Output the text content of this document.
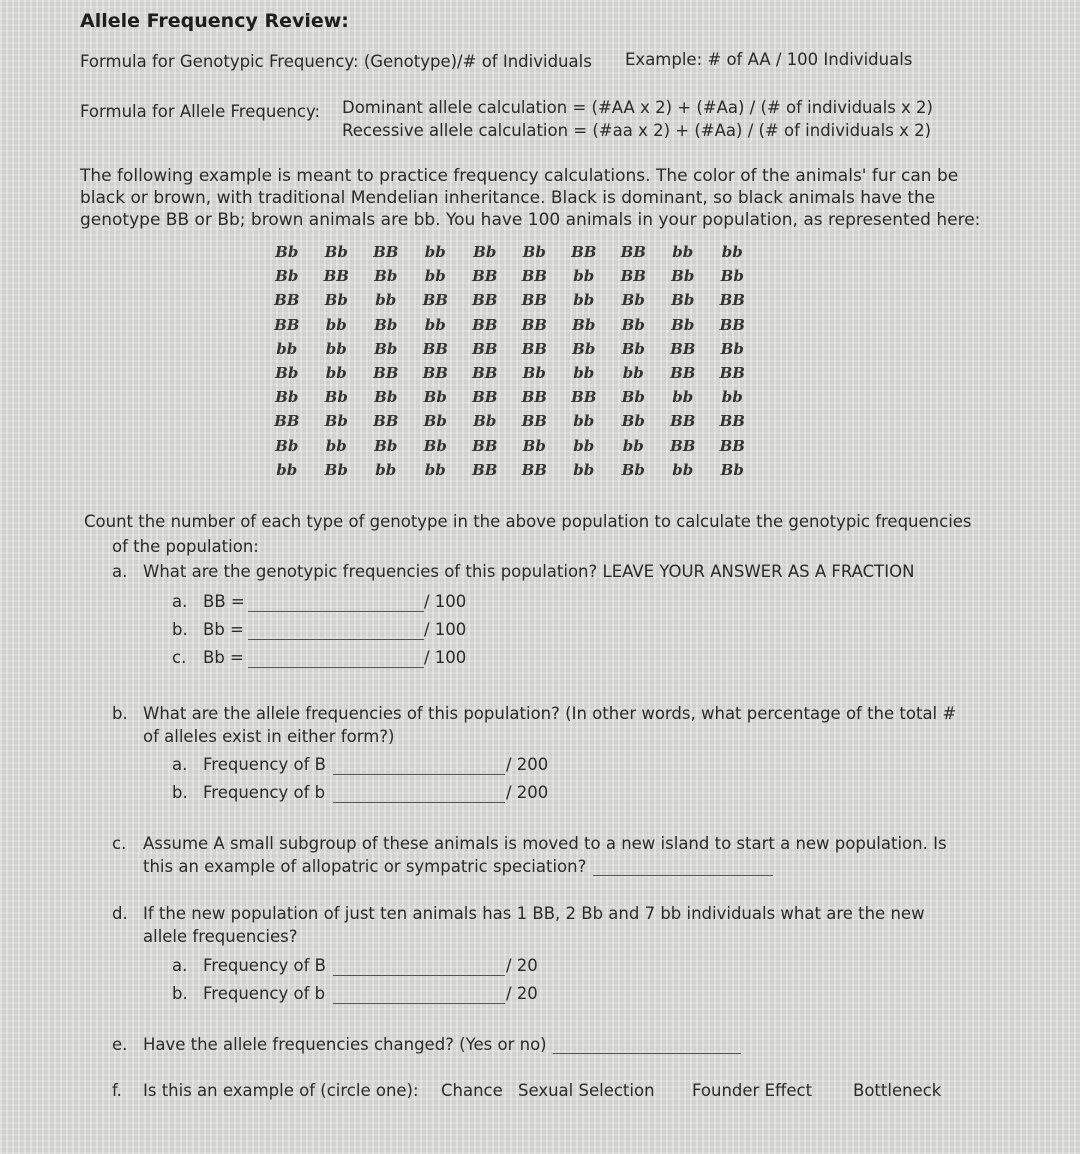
Allele Frequency Review:
Formula for Genotypic Frequency: (Genotype)/# of Individuals Example: # of AA / 100 Individuals
Formula for Allele Frequency: Dominant allele calculation = (#AA x 2) + (#Aa) / (# of individuals x 2)
Recessive allele calculation = (#aa x 2) + (#Aa) / (# of individuals x 2)
The following example is meant to practice frequency calculations. The color of the animals' fur can be
black or brown, with traditional Mendelian inheritance. Black is dominant, so black animals have the
genotype BB or Bb; brown animals are bb. You have 100 animals in your population, as represented here:
Bb	Bb	BB	bb	Bb	Bb	BB	BB	bb	bb
Bb	BB	Bb	bb	BB	BB	bb	BB	Bb	Bb
BB	Bb	bb	BB	BB	BB	bb	Bb	Bb	BB
BB	bb	Bb	bb	BB	BB	Bb	Bb	Bb	BB
bb	bb	Bb	BB	BB	BB	Bb	Bb	BB	Bb
Bb	bb	BB	BB	BB	Bb	bb	bb	BB	BB
Bb	Bb	Bb	Bb	BB	BB	BB	Bb	bb	bb
BB	Bb	BB	Bb	Bb	BB	bb	Bb	BB	BB
Bb	bb	Bb	Bb	BB	Bb	bb	bb	BB	BB
bb	Bb	bb	bb	BB	BB	bb	Bb	bb	Bb
Count the number of each type of genotype in the above population to calculate the genotypic frequencies
of the population:
a. What are the genotypic frequencies of this population? LEAVE YOUR ANSWER AS A FRACTION
a. BB =	/ 100
b. Bb =	/ 100
c. Bb =	/ 100
b. What are the allele frequencies of this population? (In other words, what percentage of the total #
of alleles exist in either form?)
a. Frequency of B	/ 200
b. Frequency of b	/ 200
c. Assume A small subgroup of these animals is moved to a new island to start a new population. Is
this an example of allopatric or sympatric speciation?
d. If the new population of just ten animals has 1 BB, 2 Bb and 7 bb individuals what are the new
allele frequencies?
a. Frequency of B	/ 20
b. Frequency of b	/ 20
e. Have the allele frequencies changed? (Yes or no)
f. Is this an example of (circle one): Chance Sexual Selection Founder Effect Bottleneck
